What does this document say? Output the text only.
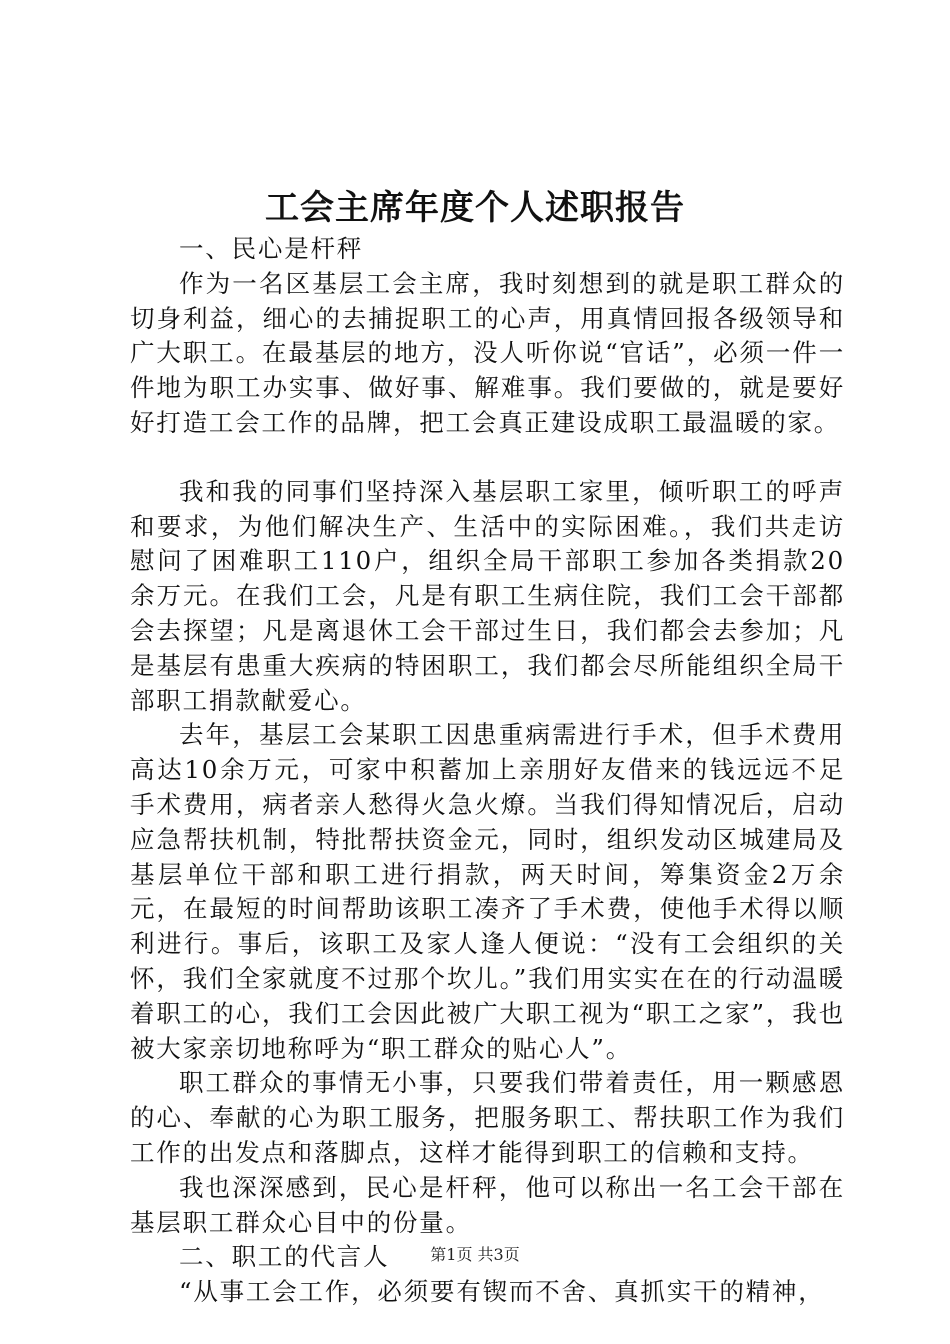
工会主席年度个人述职报告

一、民心是杆秤

作为一名区基层工会主席，我时刻想到的就是职工群众的切身利益，细心的去捕捉职工的心声，用真情回报各级领导和广大职工。在最基层的地方，没人听你说“官话”，必须一件一件地为职工办实事、做好事、解难事。我们要做的，就是要好好打造工会工作的品牌，把工会真正建设成职工最温暖的家。

我和我的同事们坚持深入基层职工家里，倾听职工的呼声和要求，为他们解决生产、生活中的实际困难。，我们共走访慰问了困难职工110户，组织全局干部职工参加各类捐款20余万元。在我们工会，凡是有职工生病住院，我们工会干部都会去探望；凡是离退休工会干部过生日，我们都会去参加；凡是基层有患重大疾病的特困职工，我们都会尽所能组织全局干部职工捐款献爱心。

去年，基层工会某职工因患重病需进行手术，但手术费用高达10余万元，可家中积蓄加上亲朋好友借来的钱远远不足手术费用，病者亲人愁得火急火燎。当我们得知情况后，启动应急帮扶机制，特批帮扶资金元，同时，组织发动区城建局及基层单位干部和职工进行捐款，两天时间，筹集资金2万余元，在最短的时间帮助该职工凑齐了手术费，使他手术得以顺利进行。事后，该职工及家人逢人便说：“没有工会组织的关怀，我们全家就度不过那个坎儿。”我们用实实在在的行动温暖着职工的心，我们工会因此被广大职工视为“职工之家”，我也被大家亲切地称呼为“职工群众的贴心人”。

职工群众的事情无小事，只要我们带着责任，用一颗感恩的心、奉献的心为职工服务，把服务职工、帮扶职工作为我们工作的出发点和落脚点，这样才能得到职工的信赖和支持。

我也深深感到，民心是杆秤，他可以称出一名工会干部在基层职工群众心目中的份量。

二、职工的代言人

“从事工会工作，必须要有锲而不舍、真抓实干的精神，

第1页 共3页
